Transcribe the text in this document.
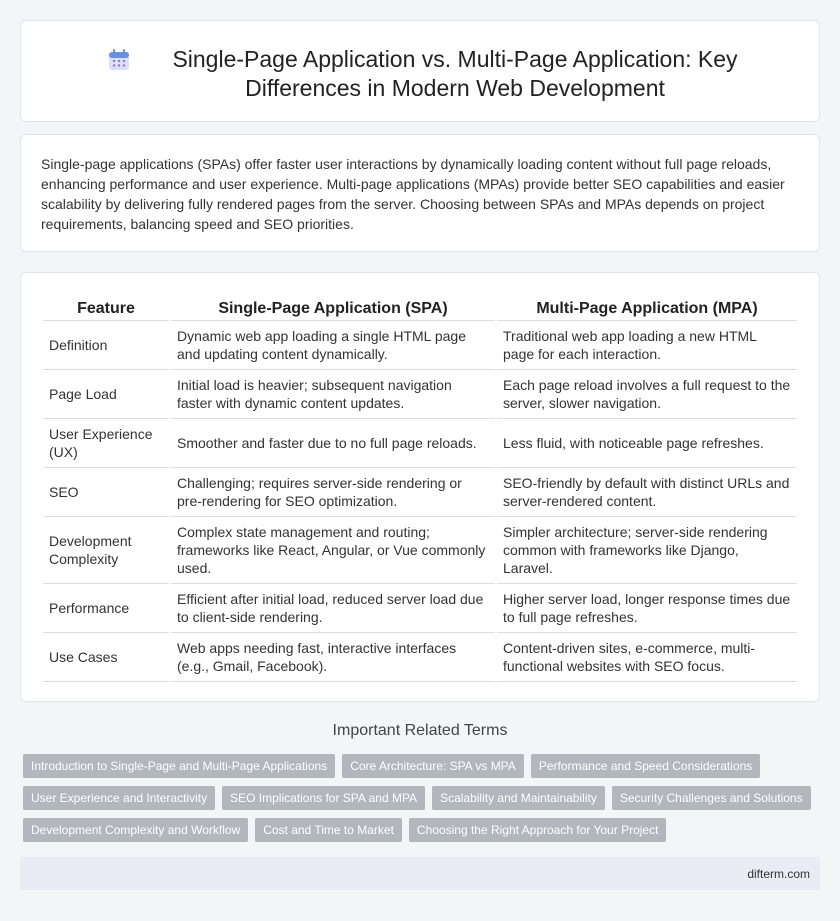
Single-Page Application vs. Multi-Page Application: Key Differences in Modern Web Development

Single-page applications (SPAs) offer faster user interactions by dynamically loading content without full page reloads, enhancing performance and user experience. Multi-page applications (MPAs) provide better SEO capabilities and easier scalability by delivering fully rendered pages from the server. Choosing between SPAs and MPAs depends on project requirements, balancing speed and SEO priorities.

Feature	Single-Page Application (SPA)	Multi-Page Application (MPA)
Definition	Dynamic web app loading a single HTML page and updating content dynamically.	Traditional web app loading a new HTML page for each interaction.
Page Load	Initial load is heavier; subsequent navigation faster with dynamic content updates.	Each page reload involves a full request to the server, slower navigation.
User Experience (UX)	Smoother and faster due to no full page reloads.	Less fluid, with noticeable page refreshes.
SEO	Challenging; requires server-side rendering or pre-rendering for SEO optimization.	SEO-friendly by default with distinct URLs and server-rendered content.
Development Complexity	Complex state management and routing; frameworks like React, Angular, or Vue commonly used.	Simpler architecture; server-side rendering common with frameworks like Django, Laravel.
Performance	Efficient after initial load, reduced server load due to client-side rendering.	Higher server load, longer response times due to full page refreshes.
Use Cases	Web apps needing fast, interactive interfaces (e.g., Gmail, Facebook).	Content-driven sites, e-commerce, multi-functional websites with SEO focus.
Important Related Terms
Introduction to Single-Page and Multi-Page Applications	Core Architecture: SPA vs MPA	Performance and Speed Considerations
User Experience and Interactivity	SEO Implications for SPA and MPA	Scalability and Maintainability	Security Challenges and Solutions
Development Complexity and Workflow	Cost and Time to Market	Choosing the Right Approach for Your Project
difterm.com
